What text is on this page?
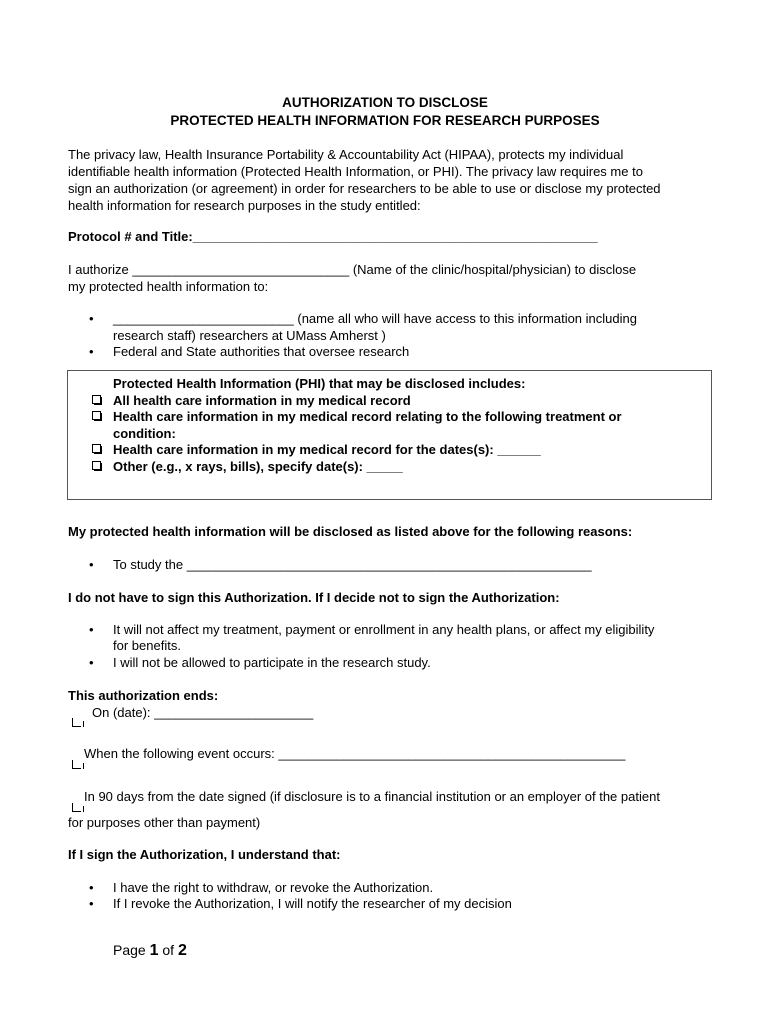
AUTHORIZATION TO DISCLOSE
PROTECTED HEALTH INFORMATION FOR RESEARCH PURPOSES
The privacy law, Health Insurance Portability & Accountability Act (HIPAA), protects my individual
identifiable health information (Protected Health Information, or PHI). The privacy law requires me to
sign an authorization (or agreement) in order for researchers to be able to use or disclose my protected
health information for research purposes in the study entitled:
Protocol # and Title:________________________________________________________
I authorize ______________________________ (Name of the clinic/hospital/physician) to disclose
my protected health information to:
• _________________________ (name all who will have access to this information including
research staff) researchers at UMass Amherst )
• Federal and State authorities that oversee research
Protected Health Information (PHI) that may be disclosed includes:
All health care information in my medical record
Health care information in my medical record relating to the following treatment or
condition:
Health care information in my medical record for the dates(s): ______
Other (e.g., x rays, bills), specify date(s): _____
My protected health information will be disclosed as listed above for the following reasons:
• To study the ________________________________________________________
I do not have to sign this Authorization. If I decide not to sign the Authorization:
• It will not affect my treatment, payment or enrollment in any health plans, or affect my eligibility
for benefits.
• I will not be allowed to participate in the research study.
This authorization ends:
On (date): ______________________
When the following event occurs: ________________________________________________
In 90 days from the date signed (if disclosure is to a financial institution or an employer of the patient
for purposes other than payment)
If I sign the Authorization, I understand that:
• I have the right to withdraw, or revoke the Authorization.
• If I revoke the Authorization, I will notify the researcher of my decision
Page 1 of 2
